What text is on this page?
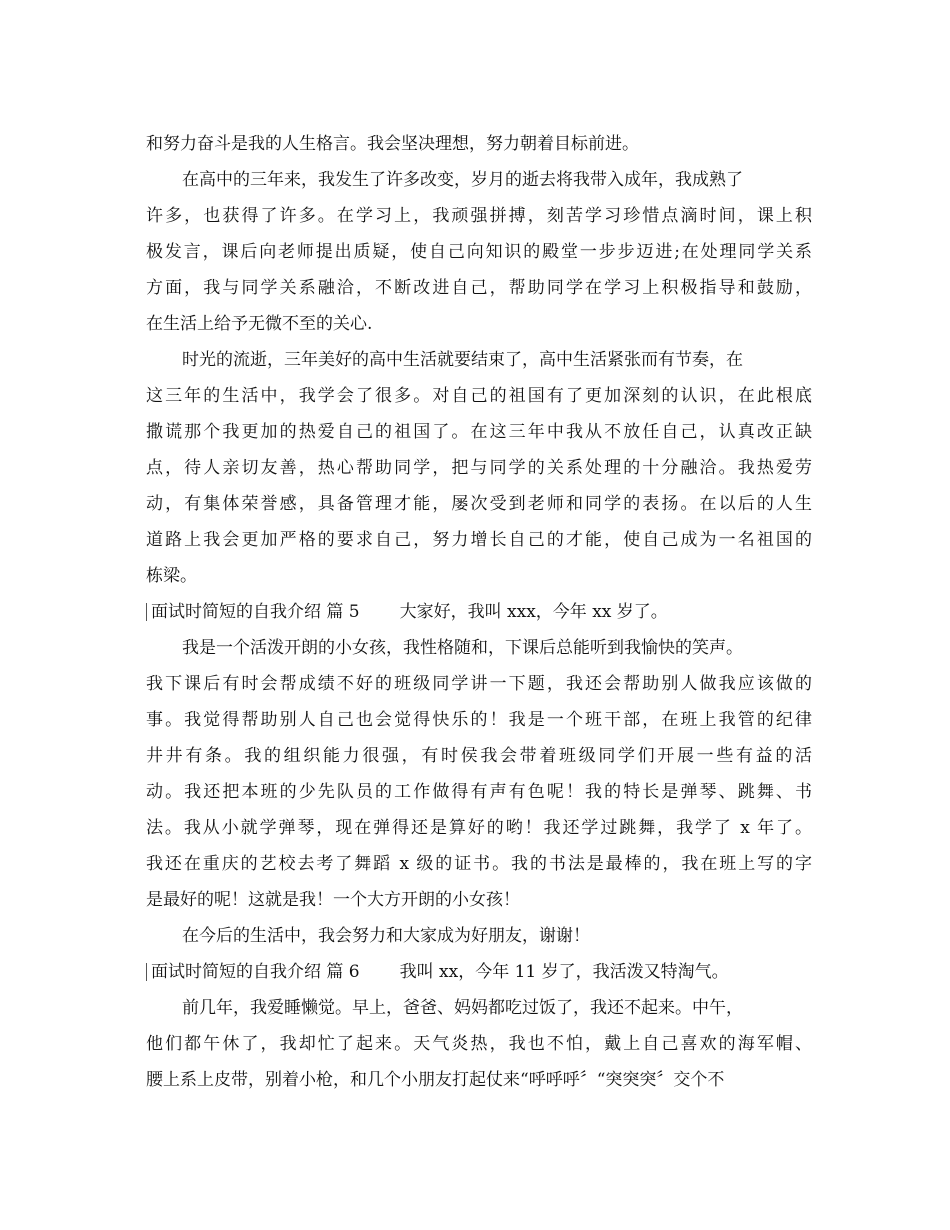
和努力奋斗是我的人生格言。我会坚决理想，努力朝着目标前进。
在高中的三年来，我发生了许多改变，岁月的逝去将我带入成年，我成熟了
许多，也获得了许多。在学习上，我顽强拼搏，刻苦学习珍惜点滴时间，课上积
极发言，课后向老师提出质疑，使自己向知识的殿堂一步步迈进;在处理同学关系
方面，我与同学关系融洽，不断改进自己，帮助同学在学习上积极指导和鼓励，
在生活上给予无微不至的关心.
时光的流逝，三年美好的高中生活就要结束了，高中生活紧张而有节奏，在
这三年的生活中，我学会了很多。对自己的祖国有了更加深刻的认识，在此根底
撒谎那个我更加的热爱自己的祖国了。在这三年中我从不放任自己，认真改正缺
点，待人亲切友善，热心帮助同学，把与同学的关系处理的十分融洽。我热爱劳
动，有集体荣誉感，具备管理才能，屡次受到老师和同学的表扬。在以后的人生
道路上我会更加严格的要求自己，努力增长自己的才能，使自己成为一名祖国的
栋梁。
面试时简短的自我介绍 篇 5 大家好，我叫 xxx，今年 xx 岁了。
我是一个活泼开朗的小女孩，我性格随和，下课后总能听到我愉快的笑声。
我下课后有时会帮成绩不好的班级同学讲一下题，我还会帮助别人做我应该做的
事。我觉得帮助别人自己也会觉得快乐的！我是一个班干部，在班上我管的纪律
井井有条。我的组织能力很强，有时侯我会带着班级同学们开展一些有益的活
动。我还把本班的少先队员的工作做得有声有色呢！我的特长是弹琴、跳舞、书
法。我从小就学弹琴，现在弹得还是算好的哟！我还学过跳舞，我学了 x 年了。
我还在重庆的艺校去考了舞蹈 x 级的证书。我的书法是最棒的，我在班上写的字
是最好的呢！这就是我！一个大方开朗的小女孩！
在今后的生活中，我会努力和大家成为好朋友，谢谢！
面试时简短的自我介绍 篇 6 我叫 xx，今年 11 岁了，我活泼又特淘气。
前几年，我爱睡懒觉。早上，爸爸、妈妈都吃过饭了，我还不起来。中午，
他们都午休了，我却忙了起来。天气炎热，我也不怕，戴上自己喜欢的海军帽、
腰上系上皮带，别着小枪，和几个小朋友打起仗来“呼呼呼〞“突突突〞交个不
